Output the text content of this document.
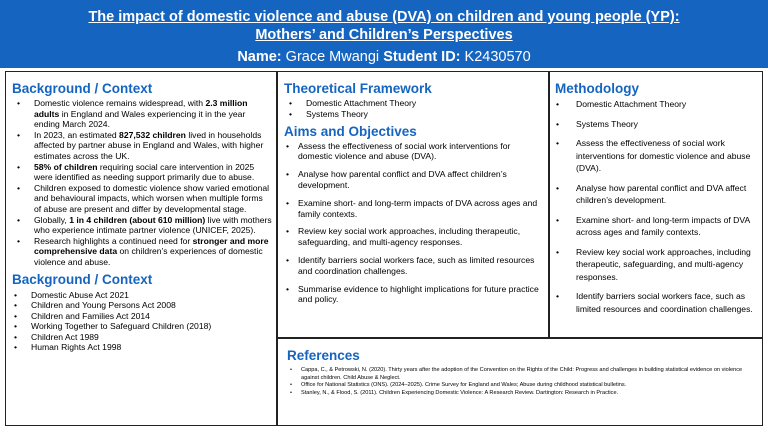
The impact of domestic violence and abuse (DVA) on children and young people (YP):
Mothers’ and Children’s Perspectives
Name: Grace Mwangi Student ID: K2430570
Background / Context
• Domestic violence remains widespread, with 2.3 million adults in England and Wales experiencing it in the year ending March 2024.
• In 2023, an estimated 827,532 children lived in households affected by partner abuse in England and Wales, with higher estimates across the UK.
• 58% of children requiring social care intervention in 2025 were identified as needing support primarily due to abuse.
• Children exposed to domestic violence show varied emotional and behavioural impacts, which worsen when multiple forms of abuse are present and differ by developmental stage.
• Globally, 1 in 4 children (about 610 million) live with mothers who experience intimate partner violence (UNICEF, 2025).
• Research highlights a continued need for stronger and more comprehensive data on children’s experiences of domestic violence and abuse.
Background / Context
• Domestic Abuse Act 2021
• Children and Young Persons Act 2008
• Children and Families Act 2014
• Working Together to Safeguard Children (2018)
• Children Act 1989
• Human Rights Act 1998
Theoretical Framework
• Domestic Attachment Theory
• Systems Theory
Aims and Objectives
• Assess the effectiveness of social work interventions for domestic violence and abuse (DVA).
• Analyse how parental conflict and DVA affect children’s development.
• Examine short- and long-term impacts of DVA across ages and family contexts.
• Review key social work approaches, including therapeutic, safeguarding, and multi-agency responses.
• Identify barriers social workers face, such as limited resources and coordination challenges.
• Summarise evidence to highlight implications for future practice and policy.
Methodology
• Domestic Attachment Theory
• Systems Theory
• Assess the effectiveness of social work interventions for domestic violence and abuse (DVA).
• Analyse how parental conflict and DVA affect children’s development.
• Examine short- and long-term impacts of DVA across ages and family contexts.
• Review key social work approaches, including therapeutic, safeguarding, and multi-agency responses.
• Identify barriers social workers face, such as limited resources and coordination challenges.
References
• Cappa, C., & Petrowski, N. (2020). Thirty years after the adoption of the Convention on the Rights of the Child: Progress and challenges in building statistical evidence on violence against children. Child Abuse & Neglect.
• Office for National Statistics (ONS). (2024–2025). Crime Survey for England and Wales; Abuse during childhood statistical bulletins.
• Stanley, N., & Flood, S. (2011). Children Experiencing Domestic Violence: A Research Review. Dartington: Research in Practice.
